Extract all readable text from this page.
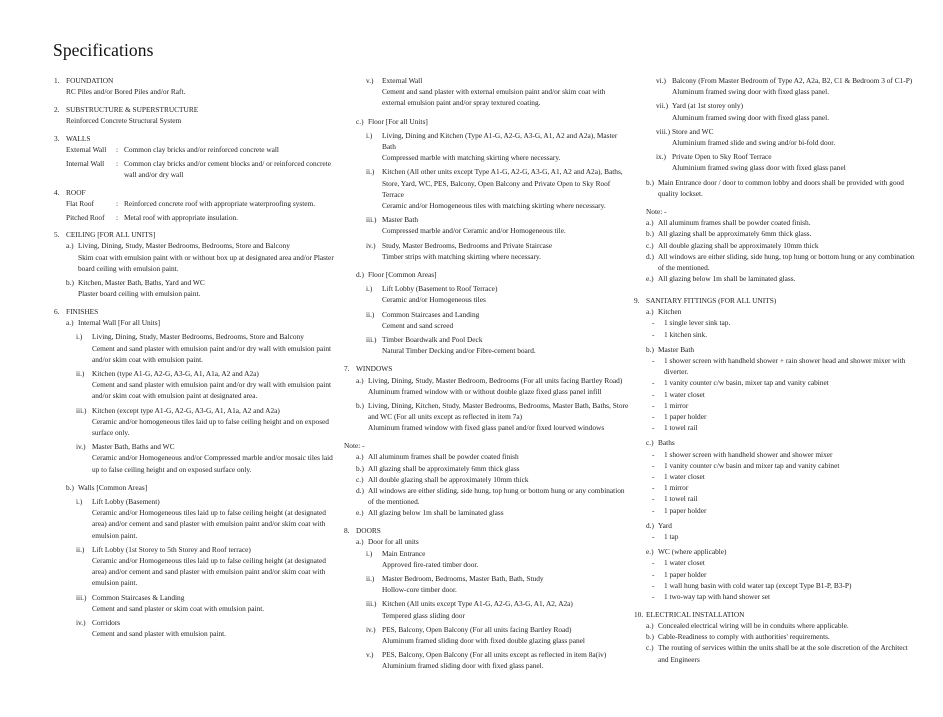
Specifications
1. FOUNDATION
RC Piles and/or Bored Piles and/or Raft.
2. SUBSTRUCTURE & SUPERSTRUCTURE
Reinforced Concrete Structural System
3. WALLS
External Wall	: Common clay bricks and/or reinforced concrete wall
Internal Wall	: Common clay bricks and/or cement blocks and/ or reinforced concrete wall and/or dry wall
4. ROOF
Flat Roof	: Reinforced concrete roof with appropriate waterproofing system.
Pitched Roof	: Metal roof with appropriate insulation.
5. CEILING [FOR ALL UNITS]
a.) Living, Dining, Study, Master Bedrooms, Bedrooms, Store and Balcony
Skim coat with emulsion paint with or without box up at designated area and/or Plaster board ceiling with emulsion paint.
b.) Kitchen, Master Bath, Baths, Yard and WC
Plaster board ceiling with emulsion paint.
6. FINISHES
a.) Internal Wall [For all Units]
i.)	Living, Dining, Study, Master Bedrooms, Bedrooms, Store and Balcony
Cement and sand plaster with emulsion paint and/or dry wall with emulsion paint and/or skim coat with emulsion paint.
ii.)	Kitchen (type A1-G, A2-G, A3-G, A1, A1a, A2 and A2a)
Cement and sand plaster with emulsion paint and/or dry wall with emulsion paint and/or skim coat with emulsion paint at designated area.
iii.) Kitchen (except type A1-G, A2-G, A3-G, A1, A1a, A2 and A2a)
Ceramic and/or homogeneous tiles laid up to false ceiling height and on exposed surface only.
iv.) Master Bath, Baths and WC
Ceramic and/or Homogeneous and/or Compressed marble and/or mosaic tiles laid up to false ceiling height and on exposed surface only.
b.) Walls [Common Areas]
i.)	Lift Lobby (Basement)
Ceramic and/or Homogeneous tiles laid up to false ceiling height (at designated area) and/or cement and sand plaster with emulsion paint and/or skim coat with emulsion paint.
ii.)	Lift Lobby (1st Storey to 5th Storey and Roof terrace)
Ceramic and/or Homogeneous tiles laid up to false ceiling height (at designated area) and/or cement and sand plaster with emulsion paint and/or skim coat with emulsion paint.
iii.) Common Staircases & Landing
Cement and sand plaster or skim coat with emulsion paint.
iv.) Corridors
Cement and sand plaster with emulsion paint.
v.)	External Wall
Cement and sand plaster with external emulsion paint and/or skim coat with external emulsion paint and/or spray textured coating.
c.) Floor [For all Units]
i.)	Living, Dining and Kitchen (Type A1-G, A2-G, A3-G, A1, A2 and A2a), Master Bath
Compressed marble with matching skirting where necessary.
ii.)	Kitchen (All other units except Type A1-G, A2-G, A3-G, A1, A2 and A2a), Baths, Store, Yard, WC, PES, Balcony, Open Balcony and Private Open to Sky Roof Terrace
Ceramic and/or Homogeneous tiles with matching skirting where necessary.
iii.) Master Bath
Compressed marble and/or Ceramic and/or Homogeneous tile.
iv.) Study, Master Bedrooms, Bedrooms and Private Staircase
Timber strips with matching skirting where necessary.
d.) Floor [Common Areas]
i.)	Lift Lobby (Basement to Roof Terrace)
Ceramic and/or Homogeneous tiles
ii.)	Common Staircases and Landing
Cement and sand screed
iii.) Timber Boardwalk and Pool Deck
Natural Timber Decking and/or Fibre-cement board.
7. WINDOWS
a.) Living, Dining, Study, Master Bedroom, Bedrooms (For all units facing Bartley Road)
Aluminum framed window with or without double glaze fixed glass panel infill
b.) Living, Dining, Kitchen, Study, Master Bedrooms, Bedrooms, Master Bath, Baths, Store and WC (For all units except as reflected in item 7a)
Aluminum framed window with fixed glass panel and/or fixed lourved windows
Note: -
a.) All aluminum frames shall be powder coated finish
b.) All glazing shall be approximately 6mm thick glass
c.) All double glazing shall be approximately 10mm thick
d.) All windows are either sliding, side hung, top hung or bottom hung or any combination of the mentioned.
e.) All glazing below 1m shall be laminated glass
8. DOORS
a.) Door for all units
i.)	Main Entrance
Approved fire-rated timber door.
ii.)	Master Bedroom, Bedrooms, Master Bath, Bath, Study
Hollow-core timber door.
iii.) Kitchen (All units except Type A1-G, A2-G, A3-G, A1, A2, A2a)
Tempered glass sliding door
iv.) PES, Balcony, Open Balcony (For all units facing Bartley Road)
Aluminum framed sliding door with fixed double glazing glass panel
v.)	PES, Balcony, Open Balcony (For all units except as reflected in item 8a(iv)
Aluminium framed sliding door with fixed glass panel.
vi.) Balcony (From Master Bedroom of Type A2, A2a, B2, C1 & Bedroom 3 of C1-P)
Aluminum framed swing door with fixed glass panel.
vii.) Yard (at 1st storey only)
Aluminum framed swing door with fixed glass panel.
viii.) Store and WC
Aluminium framed slide and swing and/or bi-fold door.
ix.) Private Open to Sky Roof Terrace
Aluminium framed swing glass door with fixed glass panel
b.) Main Entrance door / door to common lobby and doors shall be provided with good quality lockset.
Note: -
a.) All aluminum frames shall be powder coated finish.
b.) All glazing shall be approximately 6mm thick glass.
c.) All double glazing shall be approximately 10mm thick
d.) All windows are either sliding, side hung, top hung or bottom hung or any combination of the mentioned.
e.) All glazing below 1m shall be laminated glass.
9. SANITARY FITTINGS (FOR ALL UNITS)
a.) Kitchen
-	1 single lever sink tap.
-	1 kitchen sink.
b.) Master Bath
-	1 shower screen with handheld shower + rain shower head and shower mixer with diverter.
-	1 vanity counter c/w basin, mixer tap and vanity cabinet
-	1 water closet
-	1 mirror
-	1 paper holder
-	1 towel rail
c.) Baths
-	1 shower screen with handheld shower and shower mixer
-	1 vanity counter c/w basin and mixer tap and vanity cabinet
-	1 water closet
-	1 mirror
-	1 towel rail
-	1 paper holder
d.) Yard
-	1 tap
e.) WC (where applicable)
-	1 water closet
-	1 paper holder
-	1 wall hung basin with cold water tap (except Type B1-P, B3-P)
-	1 two-way tap with hand shower set
10. ELECTRICAL INSTALLATION
a.) Concealed electrical wiring will be in conduits where applicable.
b.) Cable-Readiness to comply with authorities' requirements.
c.) The routing of services within the units shall be at the sole discretion of the Architect and Engineers
